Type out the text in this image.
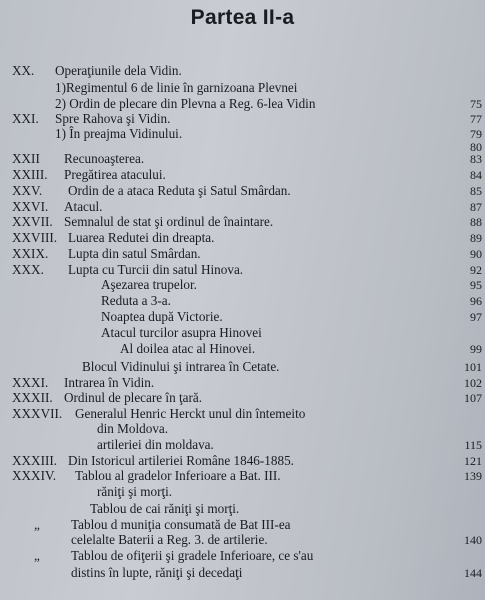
Partea II-a
XX. Operaţiunile dela Vidin.
1)Regimentul 6 de linie în garnizoana Plevnei
2) Ordin de plecare din Plevna a Reg. 6-lea Vidin	75
XXI. Spre Rahova şi Vidin.	77
1) În preajma Vidinului.	79
80
XXII Recunoaşterea.	83
XXIII. Pregătirea atacului.	84
XXV. Ordin de a ataca Reduta şi Satul Smârdan.	85
XXVI. Atacul.	87
XXVII. Semnalul de stat şi ordinul de înaintare.	88
XXVIII. Luarea Redutei din dreapta.	89
XXIX. Lupta din satul Smârdan.	90
XXX. Lupta cu Turcii din satul Hinova.	92
Aşezarea trupelor.	95
Reduta a 3-a.	96
Noaptea după Victorie.	97
Atacul turcilor asupra Hinovei
Al doilea atac al Hinovei.	99
Blocul Vidinului şi intrarea în Cetate.	101
XXXI. Intrarea în Vidin.	102
XXXII. Ordinul de plecare în ţară.	107
XXXVII. Generalul Henric Herckt unul din întemeito
din Moldova.
artileriei din moldava.	115
XXXIII. Din Istoricul artileriei Române 1846-1885.	121
XXXIV. Tablou al gradelor Inferioare a Bat. III.	139
răniţi şi morţi.
Tablou de cai răniţi şi morţi.
„ Tablou d muniţia consumată de Bat III-ea
celelalte Baterii a Reg. 3. de artilerie.	140
„ Tablou de ofiţerii şi gradele Inferioare, ce s'au
distins în lupte, răniţi şi decedaţi	144
